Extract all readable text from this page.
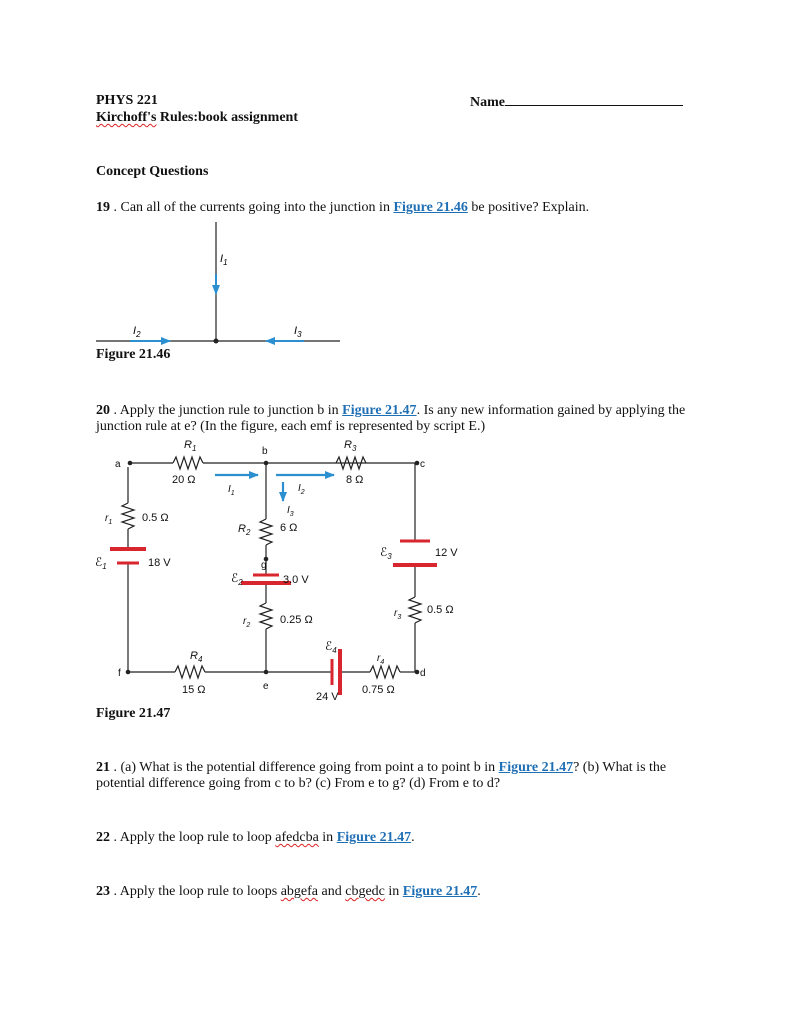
PHYS 221
Kirchoff's Rules:book assignment
Name
Concept Questions
19 . Can all of the currents going into the junction in Figure 21.46 be positive? Explain.
$I_1$
$I_2$	$I_3$
Figure 21.46
20 . Apply the junction rule to junction b in Figure 21.47. Is any new information gained by applying the junction rule at e? (In the figure, each emf is represented by script E.)
a
b
c
d
e
f
g
$R_1$
20 Ω
$R_3$
8 Ω
$R_2$	6 Ω
$R_4$
15 Ω
$r_1$	0.5 Ω
$r_2$	0.25 Ω
$r_3$
0.5 Ω
$r_4$
0.75 Ω
ℰ$_1$	18 V
ℰ$_2$	3.0 V
ℰ$_3$	12 V
ℰ$_4$
24 V
$I_1$	$I_2$
$I_3$
Figure 21.47
21 . (a) What is the potential difference going from point a to point b in Figure 21.47? (b) What is the potential difference going from c to b? (c) From e to g? (d) From e to d?
22 . Apply the loop rule to loop afedcba in Figure 21.47.
23 . Apply the loop rule to loops abgefa and cbgedc in Figure 21.47.
